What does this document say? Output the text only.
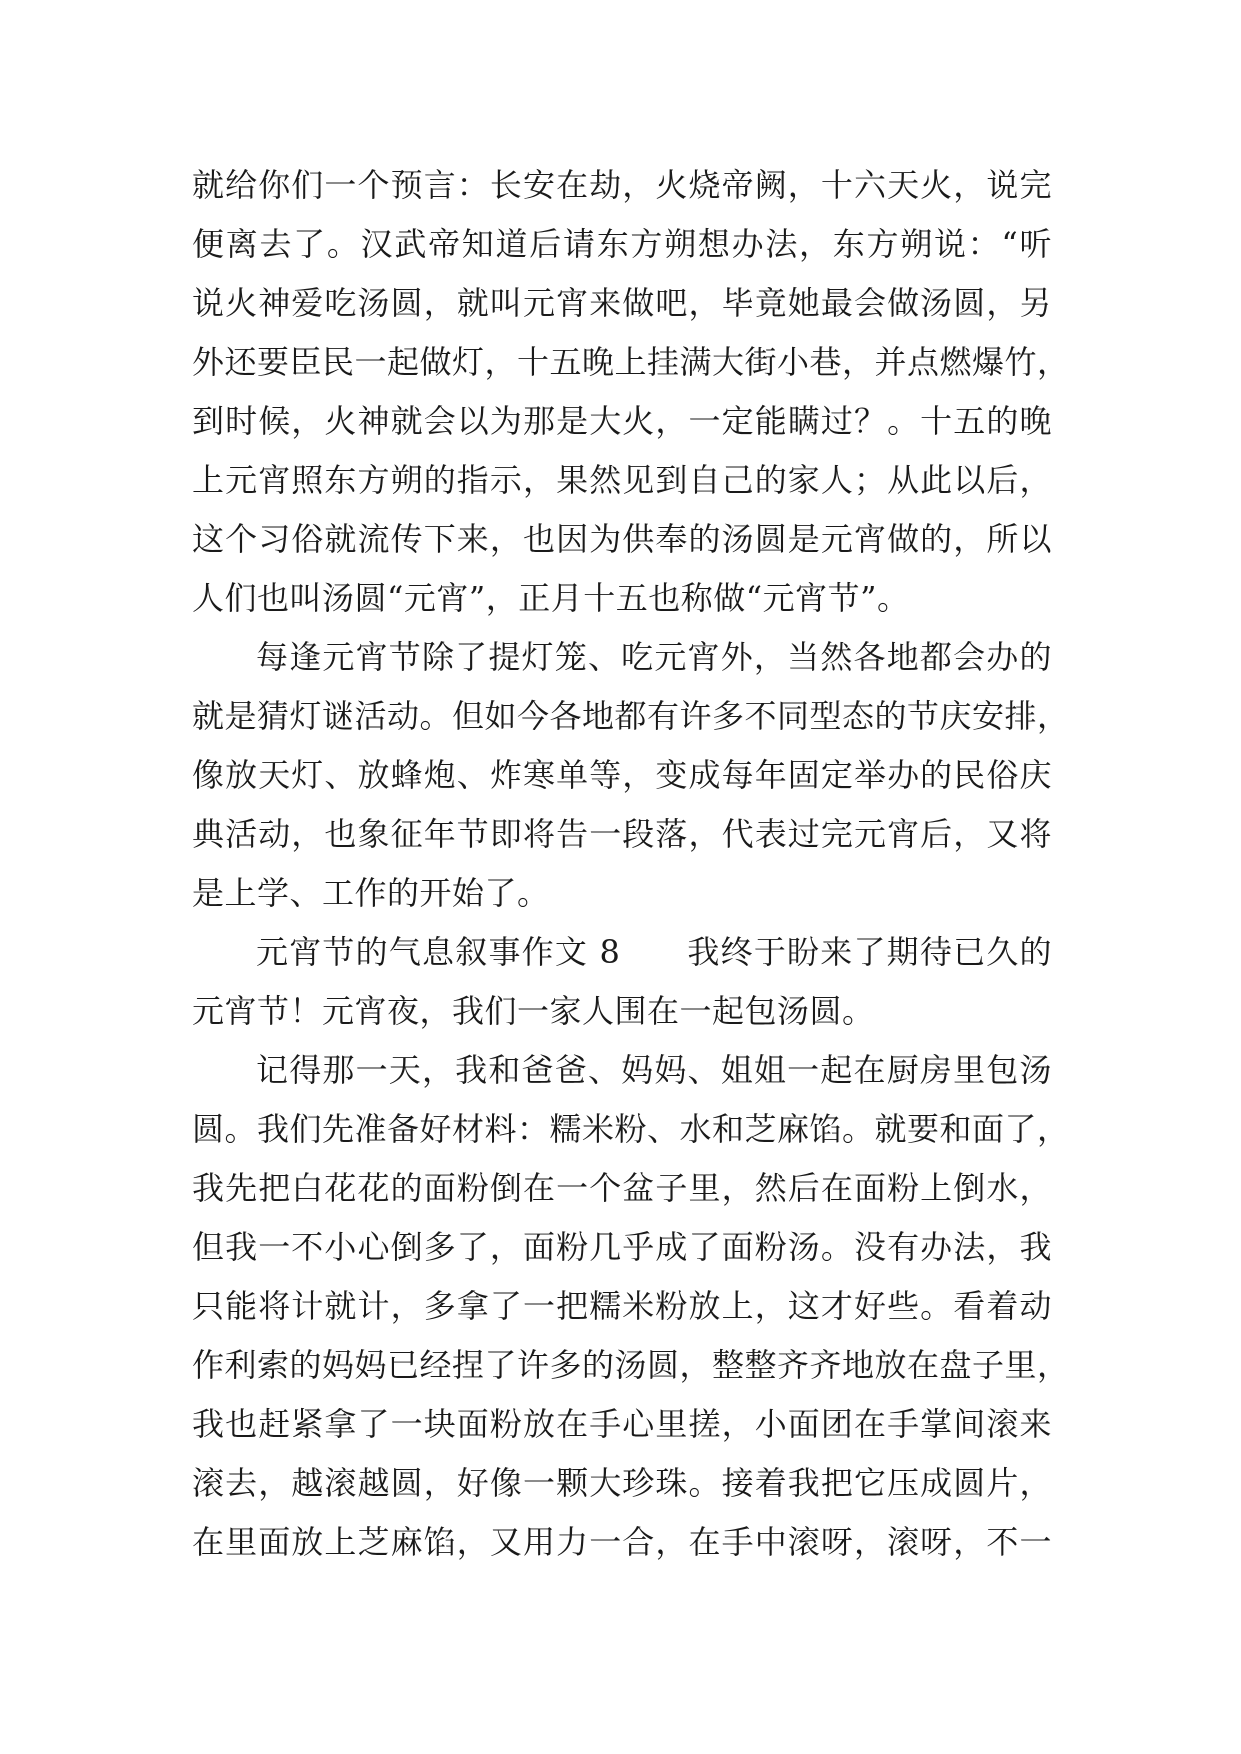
就给你们一个预言：长安在劫，火烧帝阙，十六天火，说完
便离去了。汉武帝知道后请东方朔想办法，东方朔说：“听
说火神爱吃汤圆，就叫元宵来做吧，毕竟她最会做汤圆，另
外还要臣民一起做灯，十五晚上挂满大街小巷，并点燃爆竹，
到时候，火神就会以为那是大火，一定能瞒过？。十五的晚
上元宵照东方朔的指示，果然见到自己的家人；从此以后，
这个习俗就流传下来，也因为供奉的汤圆是元宵做的，所以
人们也叫汤圆“元宵”，正月十五也称做“元宵节”。
每逢元宵节除了提灯笼、吃元宵外，当然各地都会办的
就是猜灯谜活动。但如今各地都有许多不同型态的节庆安排，
像放天灯、放蜂炮、炸寒单等，变成每年固定举办的民俗庆
典活动，也象征年节即将告一段落，代表过完元宵后，又将
是上学、工作的开始了。
元宵节的气息叙事作文 8　　我终于盼来了期待已久的
元宵节！元宵夜，我们一家人围在一起包汤圆。
记得那一天，我和爸爸、妈妈、姐姐一起在厨房里包汤
圆。我们先准备好材料：糯米粉、水和芝麻馅。就要和面了，
我先把白花花的面粉倒在一个盆子里，然后在面粉上倒水，
但我一不小心倒多了，面粉几乎成了面粉汤。没有办法，我
只能将计就计，多拿了一把糯米粉放上，这才好些。看着动
作利索的妈妈已经捏了许多的汤圆，整整齐齐地放在盘子里，
我也赶紧拿了一块面粉放在手心里搓，小面团在手掌间滚来
滚去，越滚越圆，好像一颗大珍珠。接着我把它压成圆片，
在里面放上芝麻馅，又用力一合，在手中滚呀，滚呀，不一
